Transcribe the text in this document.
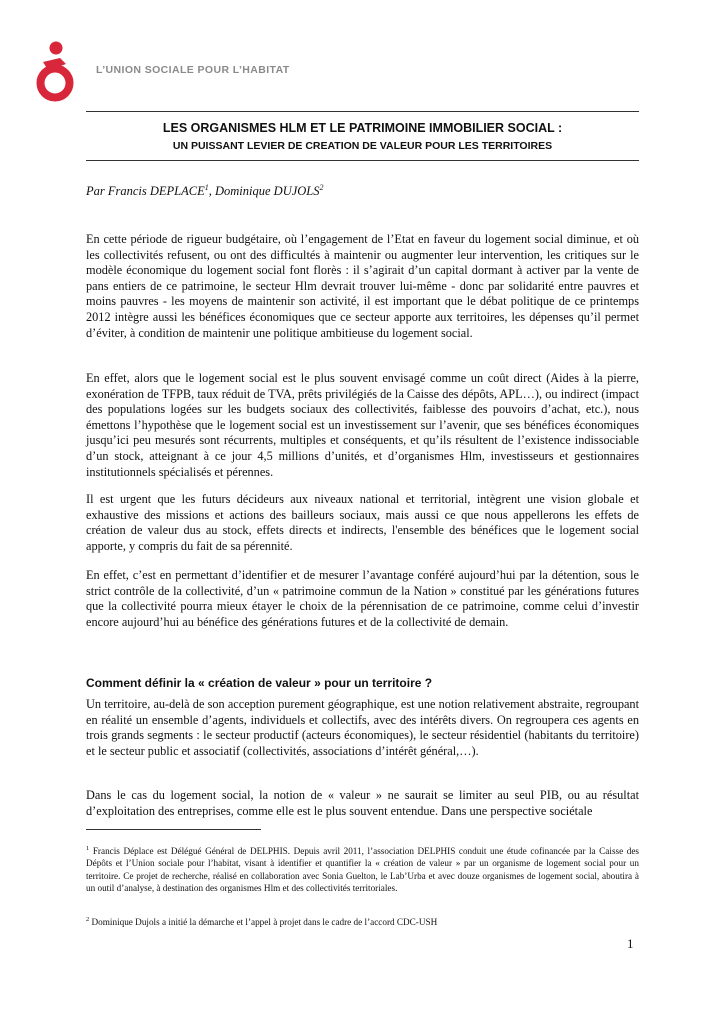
L’UNION SOCIALE POUR L’HABITAT
LES ORGANISMES HLM ET LE PATRIMOINE IMMOBILIER SOCIAL :
UN PUISSANT LEVIER DE CREATION DE VALEUR POUR LES TERRITOIRES
Par Francis DEPLACE$^1$, Dominique DUJOLS$^2$

En cette période de rigueur budgétaire, où l’engagement de l’Etat en faveur du logement social diminue, et où les collectivités refusent, ou ont des difficultés à maintenir ou augmenter leur intervention, les critiques sur le modèle économique du logement social font florès : il s’agirait d’un capital dormant à activer par la vente de pans entiers de ce patrimoine, le secteur Hlm devrait trouver lui-même - donc par solidarité entre pauvres et moins pauvres - les moyens de maintenir son activité, il est important que le débat politique de ce printemps 2012 intègre aussi les bénéfices économiques que ce secteur apporte aux territoires, les dépenses qu’il permet d’éviter, à condition de maintenir une politique ambitieuse du logement social.

En effet, alors que le logement social est le plus souvent envisagé comme un coût direct (Aides à la pierre, exonération de TFPB, taux réduit de TVA, prêts privilégiés de la Caisse des dépôts, APL…), ou indirect (impact des populations logées sur les budgets sociaux des collectivités, faiblesse des pouvoirs d’achat, etc.), nous émettons l’hypothèse que le logement social est un investissement sur l’avenir, que ses bénéfices économiques jusqu’ici peu mesurés sont récurrents, multiples et conséquents, et qu’ils résultent de l’existence indissociable d’un stock, atteignant à ce jour 4,5 millions d’unités, et d’organismes Hlm, investisseurs et gestionnaires institutionnels spécialisés et pérennes.

Il est urgent que les futurs décideurs aux niveaux national et territorial, intègrent une vision globale et exhaustive des missions et actions des bailleurs sociaux, mais aussi ce que nous appellerons les effets de création de valeur dus au stock, effets directs et indirects, l'ensemble des bénéfices que le logement social apporte, y compris du fait de sa pérennité.

En effet, c’est en permettant d’identifier et de mesurer l’avantage conféré aujourd’hui par la détention, sous le strict contrôle de la collectivité, d’un « patrimoine commun de la Nation » constitué par les générations futures que la collectivité pourra mieux étayer le choix de la pérennisation de ce patrimoine, comme celui d’investir encore aujourd’hui au bénéfice des générations futures et de la collectivité de demain.

Comment définir la « création de valeur » pour un territoire ?

Un territoire, au-delà de son acception purement géographique, est une notion relativement abstraite, regroupant en réalité un ensemble d’agents, individuels et collectifs, avec des intérêts divers. On regroupera ces agents en trois grands segments : le secteur productif (acteurs économiques), le secteur résidentiel (habitants du territoire) et le secteur public et associatif (collectivités, associations d’intérêt général,…).

Dans le cas du logement social, la notion de « valeur » ne saurait se limiter au seul PIB, ou au résultat d’exploitation des entreprises, comme elle est le plus souvent entendue. Dans une perspective sociétale

$^1$ Francis Déplace est Délégué Général de DELPHIS. Depuis avril 2011, l’association DELPHIS conduit une étude cofinancée par la Caisse des Dépôts et l’Union sociale pour l’habitat, visant à identifier et quantifier la « création de valeur » par un organisme de logement social pour un territoire. Ce projet de recherche, réalisé en collaboration avec Sonia Guelton, le Lab’Urba et avec douze organismes de logement social, aboutira à un outil d’analyse, à destination des organismes Hlm et des collectivités territoriales.

$^2$ Dominique Dujols a initié la démarche et l’appel à projet dans le cadre de l’accord CDC-USH

1
